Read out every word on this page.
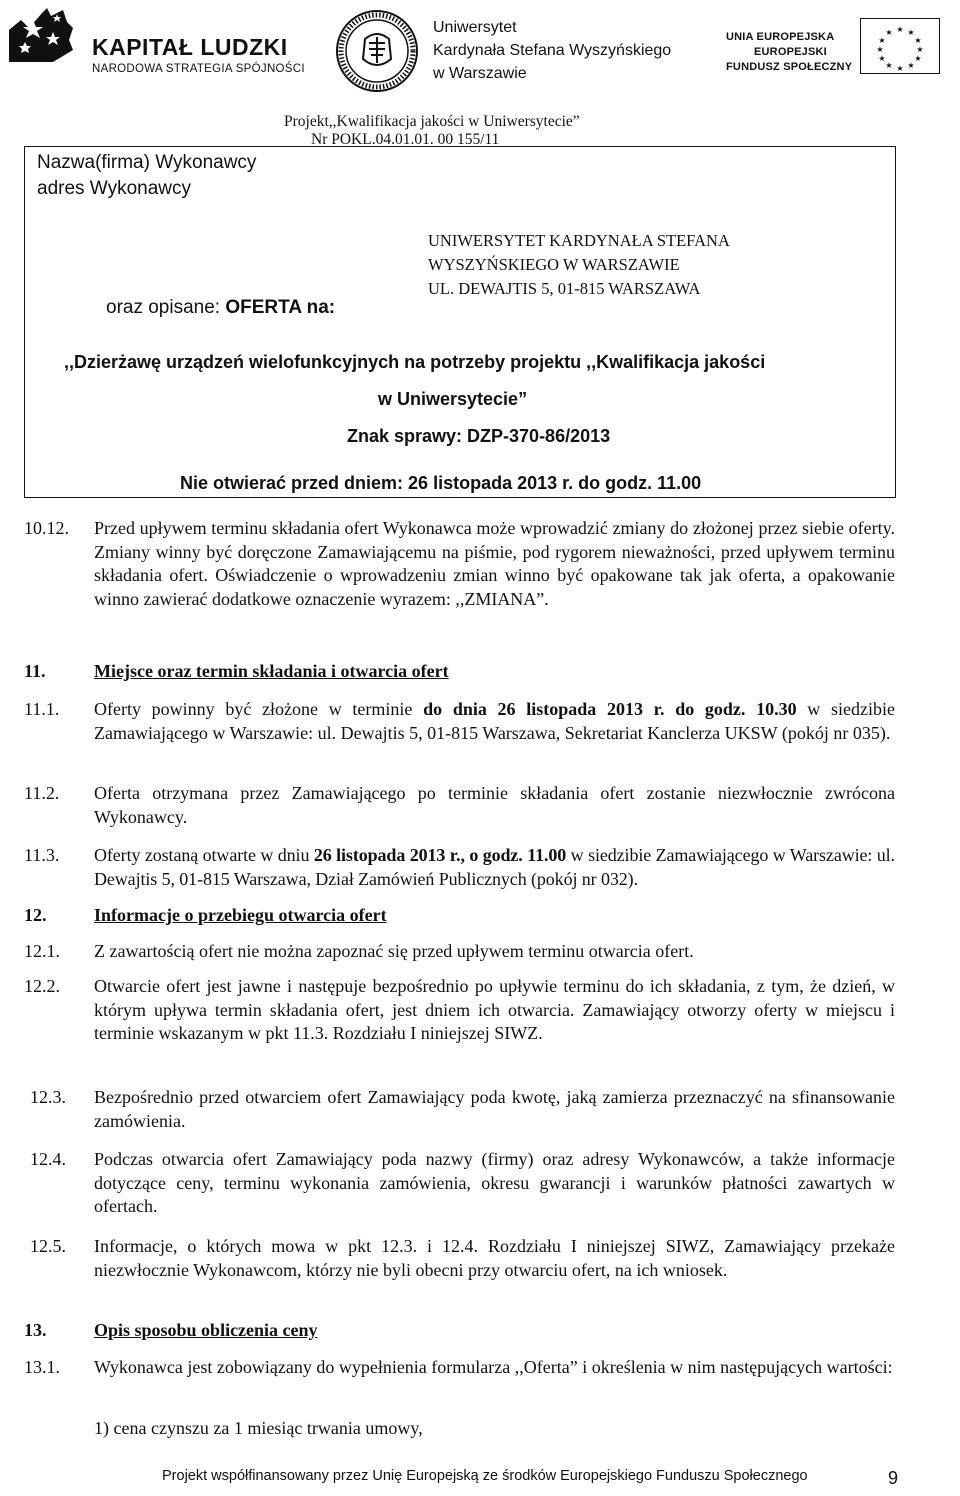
KAPITAŁ LUDZKI
NARODOWA STRATEGIA SPÓJNOŚCI
Uniwersytet
Kardynała Stefana Wyszyńskiego
w Warszawie
UNIA EUROPEJSKA
EUROPEJSKI
FUNDUSZ SPOŁECZNY
★ ★
★
★
★
★
★
★
★
★
★
★
Projekt,,Kwalifikacja jakości w Uniwersytecie”
Nr POKL.04.01.01. 00 155/11
Nazwa(firma) Wykonawcy
adres Wykonawcy
oraz opisane: OFERTA na:
UNIWERSYTET KARDYNAŁA STEFANA
WYSZYŃSKIEGO W WARSZAWIE
UL. DEWAJTIS 5, 01-815 WARSZAWA
,,Dzierżawę urządzeń wielofunkcyjnych na potrzeby projektu ,,Kwalifikacja jakości
w Uniwersytecie”
Znak sprawy: DZP-370-86/2013
Nie otwierać przed dniem: 26 listopada 2013 r. do godz. 11.00
10.12. Przed upływem terminu składania ofert Wykonawca może wprowadzić zmiany do złożonej przez siebie oferty. Zmiany winny być doręczone Zamawiającemu na piśmie, pod rygorem nieważności, przed upływem terminu składania ofert. Oświadczenie o wprowadzeniu zmian winno być opakowane tak jak oferta, a opakowanie winno zawierać dodatkowe oznaczenie wyrazem: ,,ZMIANA”.
11.	Miejsce oraz termin składania i otwarcia ofert
11.1. Oferty powinny być złożone w terminie do dnia 26 listopada 2013 r. do godz. 10.30 w siedzibie Zamawiającego w Warszawie: ul. Dewajtis 5, 01-815 Warszawa, Sekretariat Kanclerza UKSW (pokój nr 035).
11.2. Oferta otrzymana przez Zamawiającego po terminie składania ofert zostanie niezwłocznie zwrócona Wykonawcy.
11.3. Oferty zostaną otwarte w dniu 26 listopada 2013 r., o godz. 11.00 w siedzibie Zamawiającego w Warszawie: ul. Dewajtis 5, 01-815 Warszawa, Dział Zamówień Publicznych (pokój nr 032).
12.	Informacje o przebiegu otwarcia ofert
12.1. Z zawartością ofert nie można zapoznać się przed upływem terminu otwarcia ofert.
12.2. Otwarcie ofert jest jawne i następuje bezpośrednio po upływie terminu do ich składania, z tym, że dzień, w którym upływa termin składania ofert, jest dniem ich otwarcia. Zamawiający otworzy oferty w miejscu i terminie wskazanym w pkt 11.3. Rozdziału I niniejszej SIWZ.
12.3. Bezpośrednio przed otwarciem ofert Zamawiający poda kwotę, jaką zamierza przeznaczyć na sfinansowanie zamówienia.
12.4. Podczas otwarcia ofert Zamawiający poda nazwy (firmy) oraz adresy Wykonawców, a także informacje dotyczące ceny, terminu wykonania zamówienia, okresu gwarancji i warunków płatności zawartych w ofertach.
12.5. Informacje, o których mowa w pkt 12.3. i 12.4. Rozdziału I niniejszej SIWZ, Zamawiający przekaże niezwłocznie Wykonawcom, którzy nie byli obecni przy otwarciu ofert, na ich wniosek.
13.	Opis sposobu obliczenia ceny
13.1. Wykonawca jest zobowiązany do wypełnienia formularza ,,Oferta” i określenia w nim następujących wartości:
1) cena czynszu za 1 miesiąc trwania umowy,
Projekt współfinansowany przez Unię Europejską ze środków Europejskiego Funduszu Społecznego	9
